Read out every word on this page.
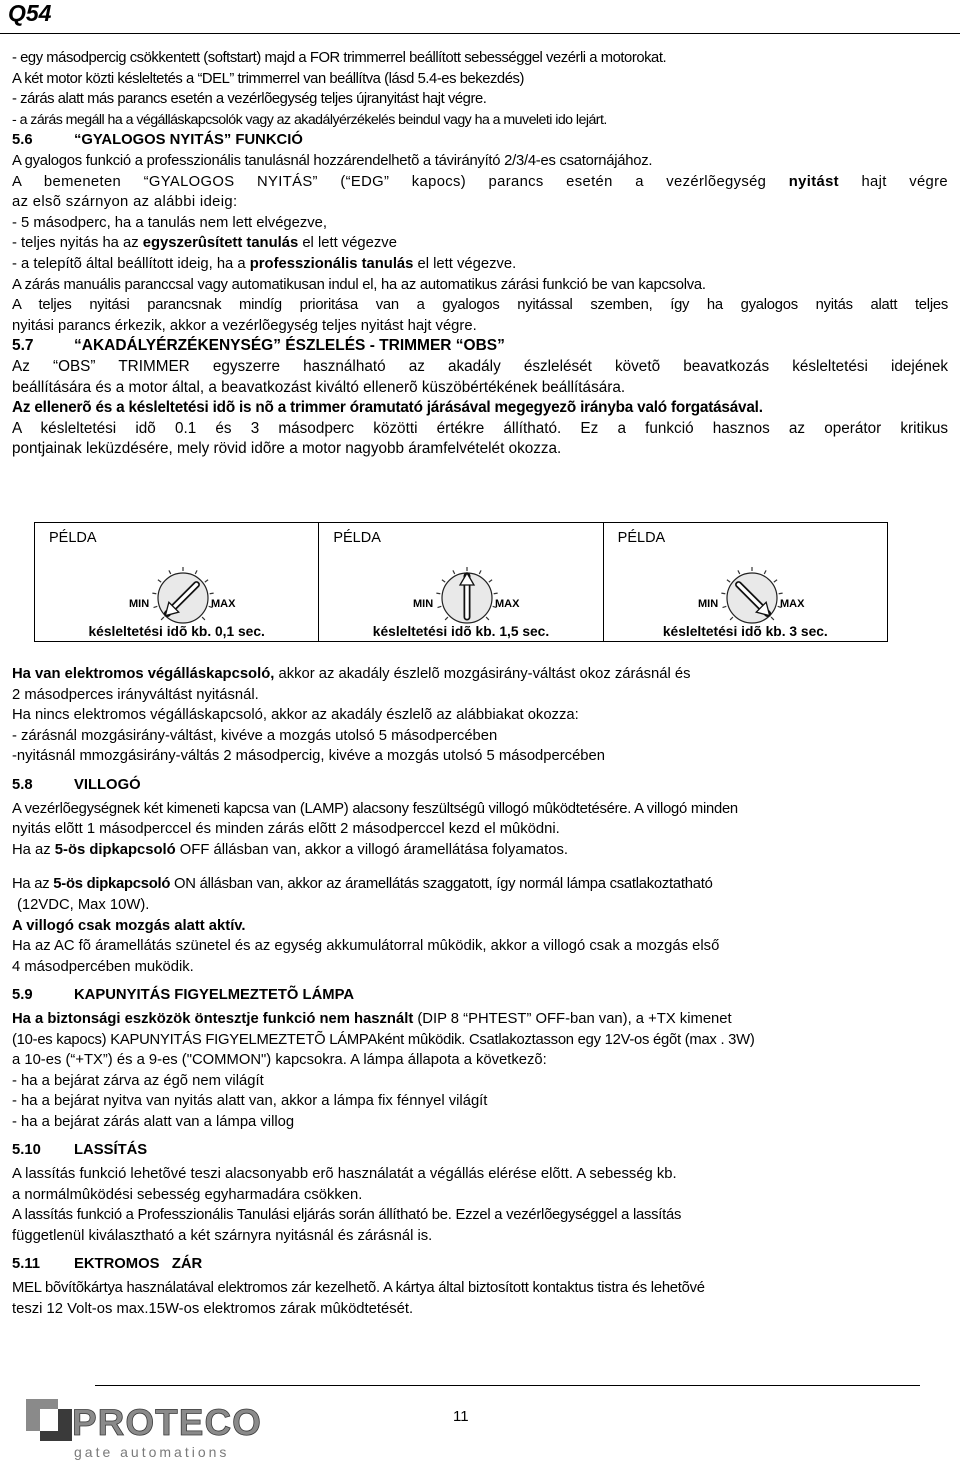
Q54

- egy másodpercig csökkentett (softstart) majd a FOR trimmerrel beállított sebességgel vezérli a motorokat.

A két motor közti késleltetés a “DEL” trimmerrel van beállítva (lásd 5.4-es bekezdés)

- zárás alatt más parancs esetén a vezérlõegység teljes újranyitást hajt végre.

- a zárás megáll ha a végálláskapcsolók vagy az akadályérzékelés beindul vagy ha a muveleti ido lejárt.

5.6	“GYALOGOS NYITÁS” FUNKCIÓ

A gyalogos funkció a professzionális tanulásnál hozzárendelhetõ a távirányító 2/3/4-es csatornájához.

A bemeneten “GYALOGOS NYITÁS” (“EDG” kapocs) parancs esetén a vezérlõegység nyitást hajt végre

az elsõ szárnyon az alábbi ideig:

- 5 másodperc, ha a tanulás nem lett elvégezve,

- teljes nyitás ha az egyszerûsített tanulás el lett végezve

- a telepítõ által beállított ideig, ha a professzionális tanulás el lett végezve.

A zárás manuális paranccsal vagy automatikusan indul el, ha az automatikus zárási funkció be van kapcsolva.

A teljes nyitási parancsnak mindíg prioritása van a gyalogos nyitással szemben, így ha gyalogos nyitás alatt teljes

nyitási parancs érkezik, akkor a vezérlõegység teljes nyitást hajt végre.

5.7	“AKADÁLYÉRZÉKENYSÉG” ÉSZLELÉS - TRIMMER “OBS”

Az “OBS” TRIMMER egyszerre használható az akadály észlelését követõ beavatkozás késleltetési idejének

beállítására és a motor által, a beavatkozást kiváltó ellenerõ küszöbértékének beállítására.

Az ellenerõ és a késleltetési idõ is nõ a trimmer óramutató járásával megegyezõ irányba való forgatásával.

A késleltetési idõ 0.1 és 3 másodperc közötti értékre állítható. Ez a funkció hasznos az operátor kritikus

pontjainak leküzdésére, mely rövid idõre a motor nagyobb áramfelvételét okozza.

PÉLDA
MIN	MAX
késleltetési idõ kb. 0,1 sec.
PÉLDA
MIN	MAX
késleltetési idõ kb. 1,5 sec.
PÉLDA
MIN	MAX
késleltetési idõ kb. 3 sec.

Ha van elektromos végálláskapcsoló, akkor az akadály észlelõ mozgásirány-váltást okoz zárásnál és

2 másodperces irányváltást nyitásnál.

Ha nincs elektromos végálláskapcsoló, akkor az akadály észlelõ az alábbiakat okozza:

- zárásnál mozgásirány-váltást, kivéve a mozgás utolsó 5 másodpercében

-nyitásnál mmozgásirány-váltás 2 másodpercig, kivéve a mozgás utolsó 5 másodpercében

5.8	VILLOGÓ

A vezérlõegységnek két kimeneti kapcsa van (LAMP) alacsony feszültségû villogó mûködtetésére. A villogó minden

nyitás elõtt 1 másodperccel és minden zárás elõtt 2 másodperccel kezd el mûködni.

Ha az 5-ös dipkapcsoló OFF állásban van, akkor a villogó áramellátása folyamatos.

Ha az 5-ös dipkapcsoló ON állásban van, akkor az áramellátás szaggatott, így normál lámpa csatlakoztatható

(12VDC, Max 10W).

A villogó csak mozgás alatt aktív.

Ha az AC fõ áramellátás szünetel és az egység akkumulátorral mûködik, akkor a villogó csak a mozgás első

4 másodpercében muködik.

5.9	KAPUNYITÁS FIGYELMEZTETÕ LÁMPA

Ha a biztonsági eszközök öntesztje funkció nem használt (DIP 8 “PHTEST” OFF-ban van), a +TX kimenet

(10-es kapocs) KAPUNYITÁS FIGYELMEZTETÕ LÁMPAként mûködik. Csatlakoztasson egy 12V-os égõt (max . 3W)

a 10-es (“+TX”) és a 9-es ("COMMON") kapcsokra. A lámpa állapota a következõ:

- ha a bejárat zárva az égõ nem világít

- ha a bejárat nyitva van nyitás alatt van, akkor a lámpa fix fénnyel világít

- ha a bejárat zárás alatt van a lámpa villog

5.10 LASSÍTÁS

A lassítás funkció lehetõvé teszi alacsonyabb erõ használatát a végállás elérése elõtt. A sebesség kb.

a normálmûködési sebesség egyharmadára csökken.

A lassítás funkció a Professzionális Tanulási eljárás során állítható be. Ezzel a vezérlõegységgel a lassítás

függetlenül kiválasztható a két szárnyra nyitásnál és zárásnál is.

5.11 EKTROMOS   ZÁR

MEL bõvítõkártya használatával elektromos zár kezelhetõ. A kártya által biztosított kontaktus tistra és lehetõvé

teszi 12 Volt-os max.15W-os elektromos zárak mûködtetését.

11
PROTECO
gate automations
